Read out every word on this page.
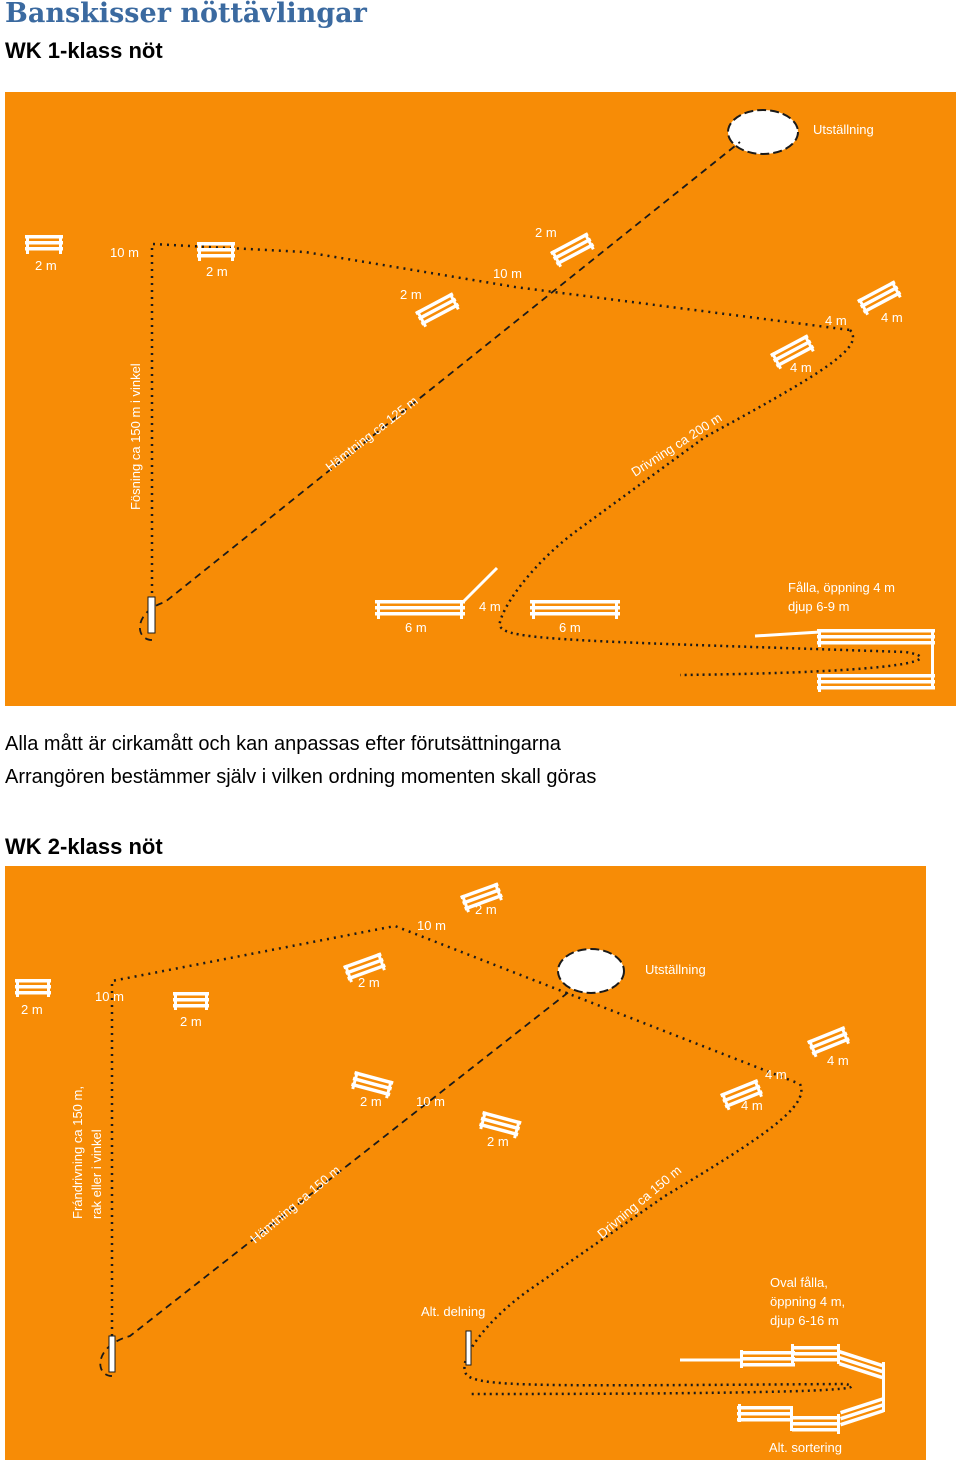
Banskisser nöttävlingar
WK 1-klass nöt
Utställning
2 m
10 m
2 m
2 m
2 m
10 m
4 m
4 m
4 m
Fösning ca 150 m i vinkel	Hämtning ca 125 m	Drivning ca 200 m
6 m
4 m
6 m
Fålla, öppning 4 m
djup 6-9 m

Alla mått är cirkamått och kan anpassas efter förutsättningarna

Arrangören bestämmer själv i vilken ordning momenten skall göras

WK 2-klass nöt
Utställning
Alt. delning
2 m
10 m
2 m
10 m
2 m
2 m
2 m	10 m
2 m
4 m
4 m
4 m
Frándrivning ca 150 m, rak eller i vinkel	Hämtning ca 150 m	Drivning ca 150 m
Oval fålla,
öppning 4 m,
djup 6-16 m
Alt. sortering
